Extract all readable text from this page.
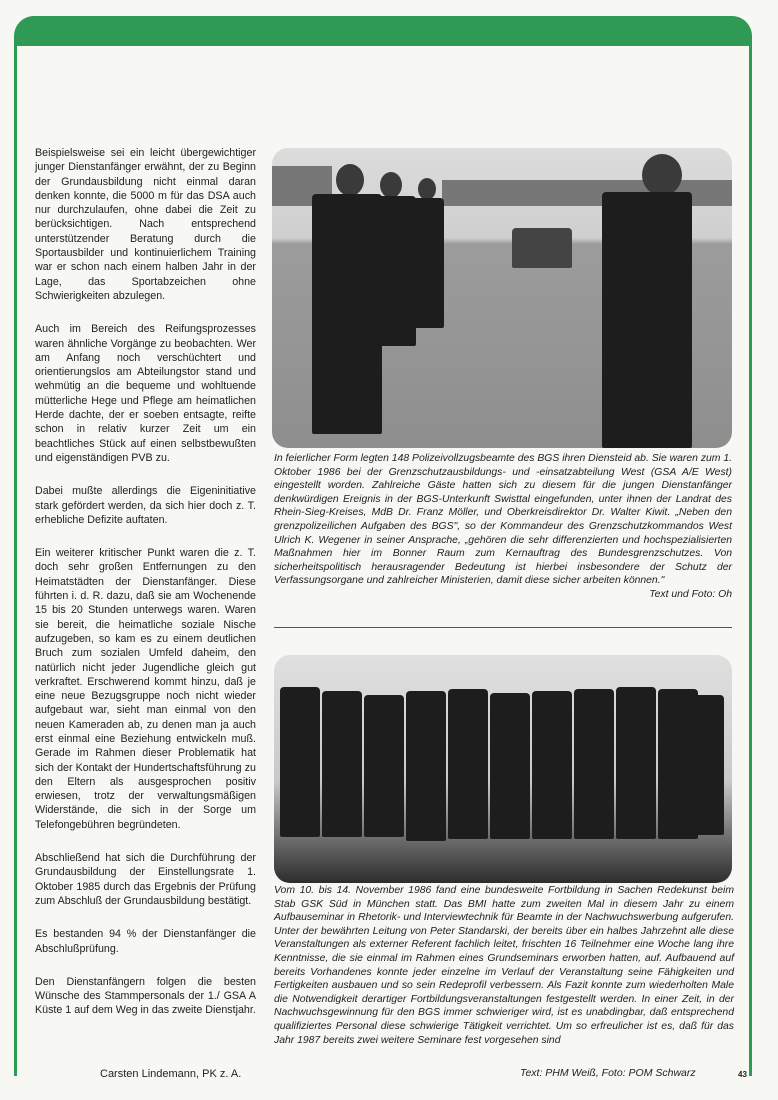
Beispielsweise sei ein leicht übergewichtiger junger Dienstanfänger erwähnt, der zu Beginn der Grundausbildung nicht einmal daran denken konnte, die 5000 m für das DSA auch nur durchzulaufen, ohne dabei die Zeit zu berücksichtigen. Nach entsprechend unterstützender Beratung durch die Sportausbilder und kontinuierlichem Training war er schon nach einem halben Jahr in der Lage, das Sportabzeichen ohne Schwierigkeiten abzulegen.

Auch im Bereich des Reifungsprozesses waren ähnliche Vorgänge zu beobachten. Wer am Anfang noch verschüchtert und orientierungslos am Abteilungstor stand und wehmütig an die bequeme und wohltuende mütterliche Hege und Pflege am heimatlichen Herde dachte, der er soeben entsagte, reifte schon in relativ kurzer Zeit um ein beachtliches Stück auf einen selbstbewußten und eigenständigen PVB zu.

Dabei mußte allerdings die Eigeninitiative stark gefördert werden, da sich hier doch z. T. erhebliche Defizite auftaten.

Ein weiterer kritischer Punkt waren die z. T. doch sehr großen Entfernungen zu den Heimatstädten der Dienstanfänger. Diese führten i. d. R. dazu, daß sie am Wochenende 15 bis 20 Stunden unterwegs waren. Waren sie bereit, die heimatliche soziale Nische aufzugeben, so kam es zu einem deutlichen Bruch zum sozialen Umfeld daheim, den natürlich nicht jeder Jugendliche gleich gut verkraftet. Erschwerend kommt hinzu, daß je eine neue Bezugsgruppe noch nicht wieder aufgebaut war, sieht man einmal von den neuen Kameraden ab, zu denen man ja auch erst einmal eine Beziehung entwickeln muß. Gerade im Rahmen dieser Problematik hat sich der Kontakt der Hundertschaftsführung zu den Eltern als ausgesprochen positiv erwiesen, trotz der verwaltungsmäßigen Widerstände, die sich in der Sorge um Telefongebühren begründeten.

Abschließend hat sich die Durchführung der Grundausbildung der Einstellungsrate 1. Oktober 1985 durch das Ergebnis der Prüfung zum Abschluß der Grundausbildung bestätigt.

Es bestanden 94 % der Dienstanfänger die Abschlußprüfung.

Den Dienstanfängern folgen die besten Wünsche des Stammpersonals der 1./ GSA A Küste 1 auf dem Weg in das zweite Dienstjahr.

Carsten Lindemann, PK z. A.
In feierlicher Form legten 148 Polizeivollzugsbeamte des BGS ihren Diensteid ab. Sie waren zum 1. Oktober 1986 bei der Grenzschutzausbildungs- und -einsatzabteilung West (GSA A/E West) eingestellt worden. Zahlreiche Gäste hatten sich zu diesem für die jungen Dienstanfänger denkwürdigen Ereignis in der BGS-Unterkunft Swisttal eingefunden, unter ihnen der Landrat des Rhein-Sieg-Kreises, MdB Dr. Franz Möller, und Oberkreisdirektor Dr. Walter Kiwit. „Neben den grenzpolizeilichen Aufgaben des BGS", so der Kommandeur des Grenzschutzkommandos West Ulrich K. Wegener in seiner Ansprache, „gehören die sehr differenzierten und hochspezialisierten Maßnahmen hier im Bonner Raum zum Kernauftrag des Bundesgrenzschutzes. Von sicherheitspolitisch herausragender Bedeutung ist hierbei insbesondere der Schutz der Verfassungsorgane und zahlreicher Ministerien, damit diese sicher arbeiten können."
Text und Foto: Oh
Vom 10. bis 14. November 1986 fand eine bundesweite Fortbildung in Sachen Redekunst beim Stab GSK Süd in München statt. Das BMI hatte zum zweiten Mal in diesem Jahr zu einem Aufbauseminar in Rhetorik- und Interviewtechnik für Beamte in der Nachwuchswerbung aufgerufen. Unter der bewährten Leitung von Peter Standarski, der bereits über ein halbes Jahrzehnt alle diese Veranstaltungen als externer Referent fachlich leitet, frischten 16 Teilnehmer eine Woche lang ihre Kenntnisse, die sie einmal im Rahmen eines Grundseminars erworben hatten, auf. Aufbauend auf bereits Vorhandenes konnte jeder einzelne im Verlauf der Veranstaltung seine Fähigkeiten und Fertigkeiten ausbauen und so sein Redeprofil verbessern. Als Fazit konnte zum wiederholten Male die Notwendigkeit derartiger Fortbildungsveranstaltungen festgestellt werden. In einer Zeit, in der Nachwuchsgewinnung für den BGS immer schwieriger wird, ist es unabdingbar, daß entsprechend qualifiziertes Personal diese schwierige Tätigkeit verrichtet. Um so erfreulicher ist es, daß für das Jahr 1987 bereits zwei weitere Seminare fest vorgesehen sind
Text: PHM Weiß, Foto: POM Schwarz	43
